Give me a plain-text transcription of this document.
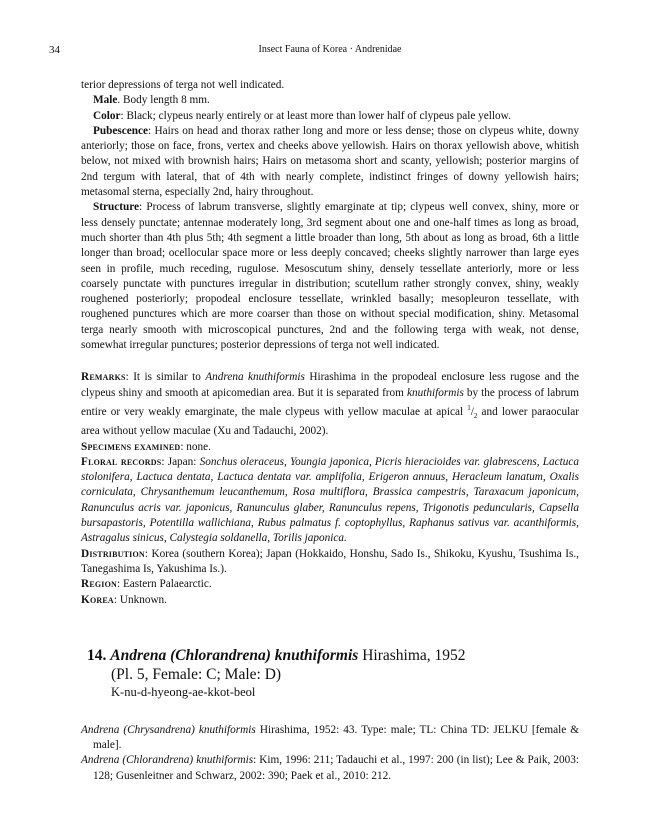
34	Insect Fauna of Korea · Andrenidae

terior depressions of terga not well indicated.

Male. Body length 8 mm.

Color: Black; clypeus nearly entirely or at least more than lower half of clypeus pale yellow.

Pubescence: Hairs on head and thorax rather long and more or less dense; those on clypeus white, downy anteriorly; those on face, frons, vertex and cheeks above yellowish. Hairs on thorax yellowish above, whitish below, not mixed with brownish hairs; Hairs on metasoma short and scanty, yellowish; posterior margins of 2nd tergum with lateral, that of 4th with nearly complete, indistinct fringes of downy yellowish hairs; metasomal sterna, especially 2nd, hairy throughout.

Structure: Process of labrum transverse, slightly emarginate at tip; clypeus well convex, shiny, more or less densely punctate; antennae moderately long, 3rd segment about one and one-half times as long as broad, much shorter than 4th plus 5th; 4th segment a little broader than long, 5th about as long as broad, 6th a little longer than broad; ocellocular space more or less deeply concaved; cheeks slightly narrower than large eyes seen in profile, much receding, rugulose. Mesoscutum shiny, densely tessellate anteriorly, more or less coarsely punctate with punctures irregular in distribution; scutellum rather strongly convex, shiny, weakly roughened posteriorly; propodeal enclosure tessellate, wrinkled basally; mesopleuron tessellate, with roughened punctures which are more coarser than those on without special modification, shiny. Metasomal terga nearly smooth with microscopical punctures, 2nd and the following terga with weak, not dense, somewhat irregular punctures; posterior depressions of terga not well indicated.

Remarks: It is similar to Andrena knuthiformis Hirashima in the propodeal enclosure less rugose and the clypeus shiny and smooth at apicomedian area. But it is separated from knuthiformis by the process of labrum entire or very weakly emarginate, the male clypeus with yellow maculae at apical $^1/_2$ and lower paraocular area without yellow maculae (Xu and Tadauchi, 2002).

Specimens examined: none.

Floral records: Japan: Sonchus oleraceus, Youngia japonica, Picris hieracioides var. glabrescens, Lactuca stolonifera, Lactuca dentata, Lactuca dentata var. amplifolia, Erigeron annuus, Heracleum lanatum, Oxalis corniculata, Chrysanthemum leucanthemum, Rosa multiflora, Brassica campestris, Taraxacum japonicum, Ranunculus acris var. japonicus, Ranunculus glaber, Ranunculus repens, Trigonotis peduncularis, Capsella bursapastoris, Potentilla wallichiana, Rubus palmatus f. coptophyllus, Raphanus sativus var. acanthiformis, Astragalus sinicus, Calystegia soldanella, Torilis japonica.

Distribution: Korea (southern Korea); Japan (Hokkaido, Honshu, Sado Is., Shikoku, Kyushu, Tsushima Is., Tanegashima Is, Yakushima Is.).

Region: Eastern Palaearctic.

Korea: Unknown.

14. Andrena (Chlorandrena) knuthiformis Hirashima, 1952
(Pl. 5, Female: C; Male: D)
K-nu-d-hyeong-ae-kkot-beol

Andrena (Chrysandrena) knuthiformis Hirashima, 1952: 43. Type: male; TL: China TD: JELKU [female & male].

Andrena (Chlorandrena) knuthiformis: Kim, 1996: 211; Tadauchi et al., 1997: 200 (in list); Lee & Paik, 2003: 128; Gusenleitner and Schwarz, 2002: 390; Paek et al., 2010: 212.
